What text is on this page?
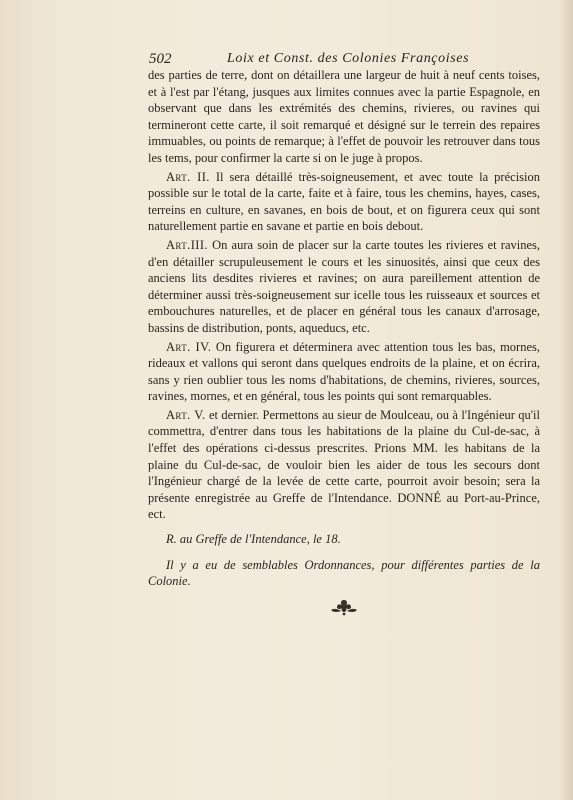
502	Loix et Const. des Colonies Françoises

des parties de terre, dont on détaillera une largeur de huit à neuf cents toises, et à l'est par l'étang, jusques aux limites connues avec la partie Espagnole, en observant que dans les extrémités des chemins, rivieres, ou ravines qui termineront cette carte, il soit remarqué et désigné sur le terrein des repaires immuables, ou points de remarque; à l'effet de pouvoir les retrouver dans tous les tems, pour confirmer la carte si on le juge à propos.

Art. II. Il sera détaillé très-soigneusement, et avec toute la précision possible sur le total de la carte, faite et à faire, tous les chemins, hayes, cases, terreins en culture, en savanes, en bois de bout, et on figurera ceux qui sont naturellement partie en savane et partie en bois debout.

Art.III. On aura soin de placer sur la carte toutes les rivieres et ravines, d'en détailler scrupuleusement le cours et les sinuosités, ainsi que ceux des anciens lits desdites rivieres et ravines; on aura pareillement attention de déterminer aussi très-soigneusement sur icelle tous les ruisseaux et sources et embouchures naturelles, et de placer en général tous les canaux d'arrosage, bassins de distribution, ponts, aqueducs, etc.

Art. IV. On figurera et déterminera avec attention tous les bas, mornes, rideaux et vallons qui seront dans quelques endroits de la plaine, et on écrira, sans y rien oublier tous les noms d'habitations, de chemins, rivieres, sources, ravines, mornes, et en général, tous les points qui sont remarquables.

Art. V. et dernier. Permettons au sieur de Moulceau, ou à l'Ingénieur qu'il commettra, d'entrer dans tous les habitations de la plaine du Cul-de-sac, à l'effet des opérations ci-dessus prescrites. Prions MM. les habitans de la plaine du Cul-de-sac, de vouloir bien les aider de tous les secours dont l'Ingénieur chargé de la levée de cette carte, pourroit avoir besoin; sera la présente enregistrée au Greffe de l'Intendance. DONNÉ au Port-au-Prince, ect.

R. au Greffe de l'Intendance, le 18.

Il y a eu de semblables Ordonnances, pour différentes parties de la Colonie.
